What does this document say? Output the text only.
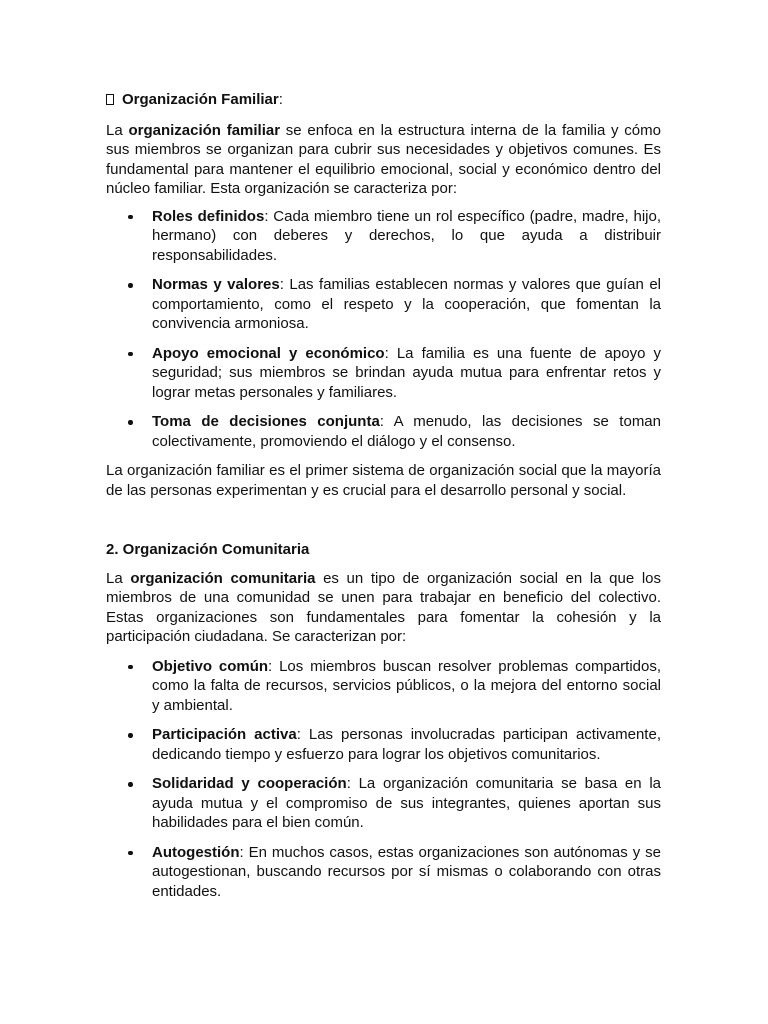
Organización Familiar:

La organización familiar se enfoca en la estructura interna de la familia y cómo sus miembros se organizan para cubrir sus necesidades y objetivos comunes. Es fundamental para mantener el equilibrio emocional, social y económico dentro del núcleo familiar. Esta organización se caracteriza por:

Roles definidos: Cada miembro tiene un rol específico (padre, madre, hijo, hermano) con deberes y derechos, lo que ayuda a distribuir responsabilidades.
Normas y valores: Las familias establecen normas y valores que guían el comportamiento, como el respeto y la cooperación, que fomentan la convivencia armoniosa.
Apoyo emocional y económico: La familia es una fuente de apoyo y seguridad; sus miembros se brindan ayuda mutua para enfrentar retos y lograr metas personales y familiares.
Toma de decisiones conjunta: A menudo, las decisiones se toman colectivamente, promoviendo el diálogo y el consenso.

La organización familiar es el primer sistema de organización social que la mayoría de las personas experimentan y es crucial para el desarrollo personal y social.

2. Organización Comunitaria

La organización comunitaria es un tipo de organización social en la que los miembros de una comunidad se unen para trabajar en beneficio del colectivo. Estas organizaciones son fundamentales para fomentar la cohesión y la participación ciudadana. Se caracterizan por:

Objetivo común: Los miembros buscan resolver problemas compartidos, como la falta de recursos, servicios públicos, o la mejora del entorno social y ambiental.
Participación activa: Las personas involucradas participan activamente, dedicando tiempo y esfuerzo para lograr los objetivos comunitarios.
Solidaridad y cooperación: La organización comunitaria se basa en la ayuda mutua y el compromiso de sus integrantes, quienes aportan sus habilidades para el bien común.
Autogestión: En muchos casos, estas organizaciones son autónomas y se autogestionan, buscando recursos por sí mismas o colaborando con otras entidades.
